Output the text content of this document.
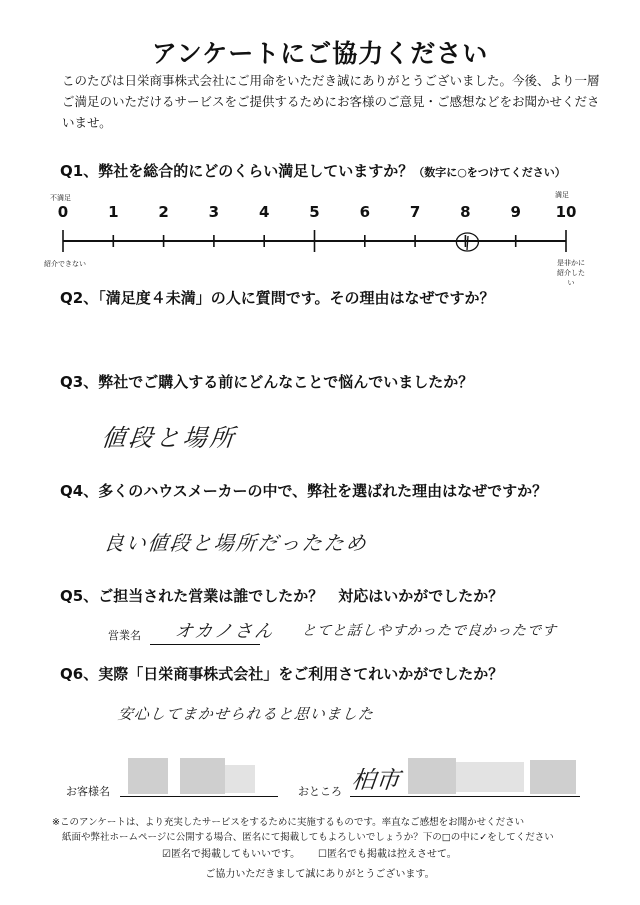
アンケートにご協力ください
このたびは日栄商事株式会社にご用命をいただき誠にありがとうございました。今後、より一層ご満足のいただけるサービスをご提供するためにお客様のご意見・ご感想などをお聞かせくださいませ。
Q1、弊社を総合的にどのくらい満足していますか？（数字に○をつけてください）
不満足	満足
0	1	2	3	4	5	6	7	8	9	10
紹介できない	是非かに
紹介したい
Q2、「満足度４未満」の人に質問です。その理由はなぜですか？
Q3、弊社でご購入する前にどんなことで悩んでいましたか？
値段と場所
Q4、多くのハウスメーカーの中で、弊社を選ばれた理由はなぜですか？
良い値段と場所だったため
Q5、ご担当された営業は誰でしたか？　対応はいかがでしたか？
営業名 オカノさん とてと話しやすかったで良かったです
Q6、実際「日栄商事株式会社」をご利用さてれいかがでしたか？
安心してまかせられると思いました
お客様名	おところ 柏市
※このアンケートは、より充実したサービスをするために実施するものです。率直なご感想をお聞かせください
紙面や弊社ホームページに公開する場合、匿名にて掲載してもよろしいでしょうか？下の□の中に✓をしてください
☑匿名で掲載してもいいです。 ☐匿名でも掲載は控えさせて。
ご協力いただきまして誠にありがとうございます。
